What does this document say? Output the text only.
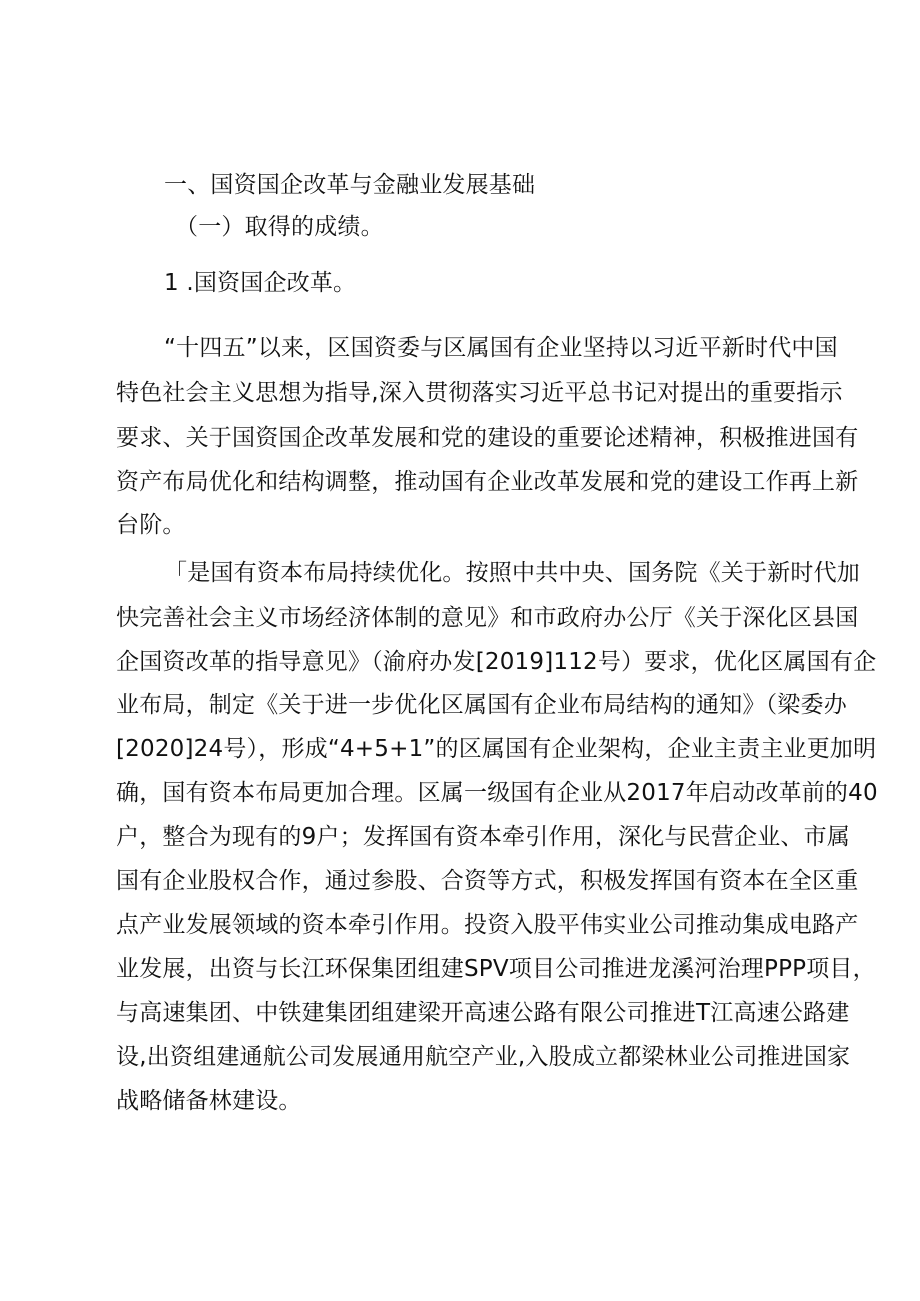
一、国资国企改革与金融业发展基础

（一）取得的成绩。

1 .国资国企改革。

“十四五”以来，区国资委与区属国有企业坚持以习近平新时代中国

特色社会主义思想为指导,深入贯彻落实习近平总书记对提出的重要指示

要求、关于国资国企改革发展和党的建设的重要论述精神，积极推进国有

资产布局优化和结构调整，推动国有企业改革发展和党的建设工作再上新

台阶。

「是国有资本布局持续优化。按照中共中央、国务院《关于新时代加

快完善社会主义市场经济体制的意见》和市政府办公厅《关于深化区县国

企国资改革的指导意见》（渝府办发[2019]112号）要求，优化区属国有企

业布局，制定《关于进一步优化区属国有企业布局结构的通知》（梁委办

[2020]24号），形成“4+5+1”的区属国有企业架构，企业主责主业更加明

确，国有资本布局更加合理。区属一级国有企业从2017年启动改革前的40

户，整合为现有的9户；发挥国有资本牵引作用，深化与民营企业、市属

国有企业股权合作，通过参股、合资等方式，积极发挥国有资本在全区重

点产业发展领域的资本牵引作用。投资入股平伟实业公司推动集成电路产

业发展，出资与长江环保集团组建SPV项目公司推进龙溪河治理PPP项目，

与高速集团、中铁建集团组建梁开高速公路有限公司推进T江高速公路建

设,出资组建通航公司发展通用航空产业,入股成立都梁林业公司推进国家

战略储备林建设。
